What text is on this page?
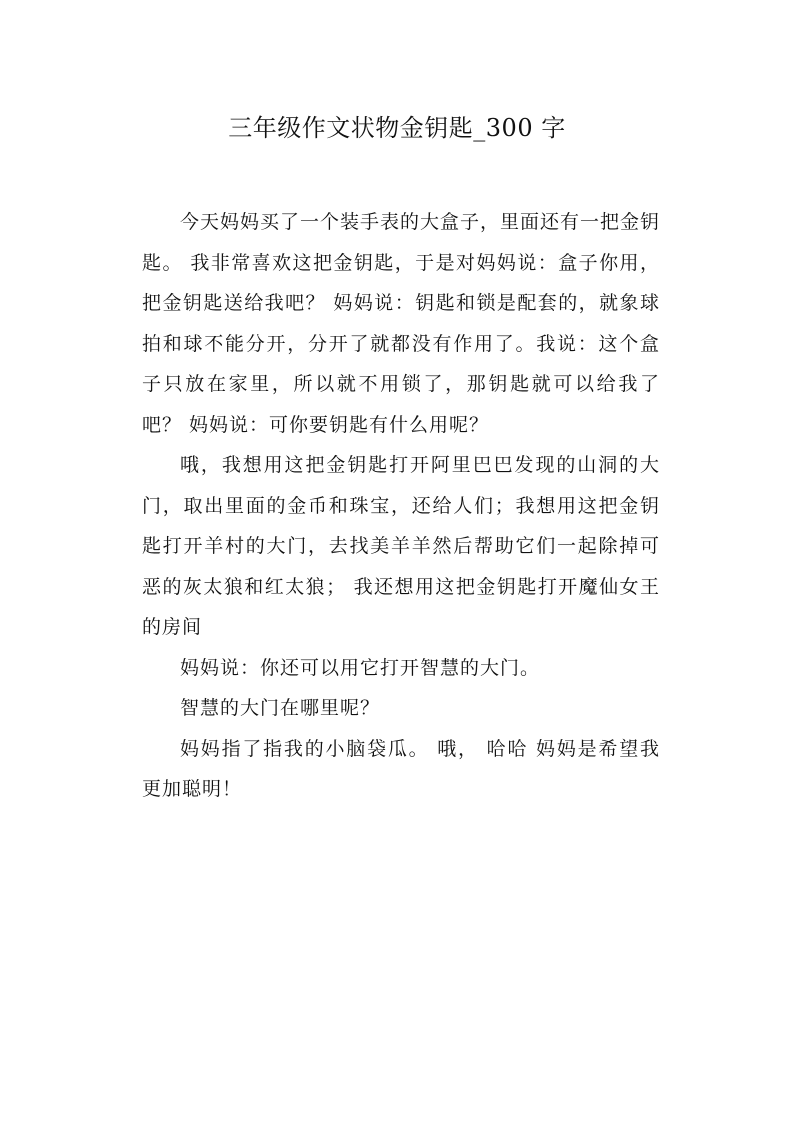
三年级作文状物金钥匙_300 字

今天妈妈买了一个装手表的大盒子，里面还有一把金钥匙。 我非常喜欢这把金钥匙，于是对妈妈说：盒子你用， 把金钥匙送给我吧？ 妈妈说：钥匙和锁是配套的，就象球拍和球不能分开，分开了就都没有作用了。我说：这个盒子只放在家里，所以就不用锁了，那钥匙就可以给我了吧？ 妈妈说：可你要钥匙有什么用呢？

哦，我想用这把金钥匙打开阿里巴巴发现的山洞的大门，取出里面的金币和珠宝，还给人们；我想用这把金钥匙打开羊村的大门，去找美羊羊然后帮助它们一起除掉可恶的灰太狼和红太狼； 我还想用这把金钥匙打开魔仙女王的房间

妈妈说：你还可以用它打开智慧的大门。

智慧的大门在哪里呢？

妈妈指了指我的小脑袋瓜。 哦， 哈哈 妈妈是希望我更加聪明！
